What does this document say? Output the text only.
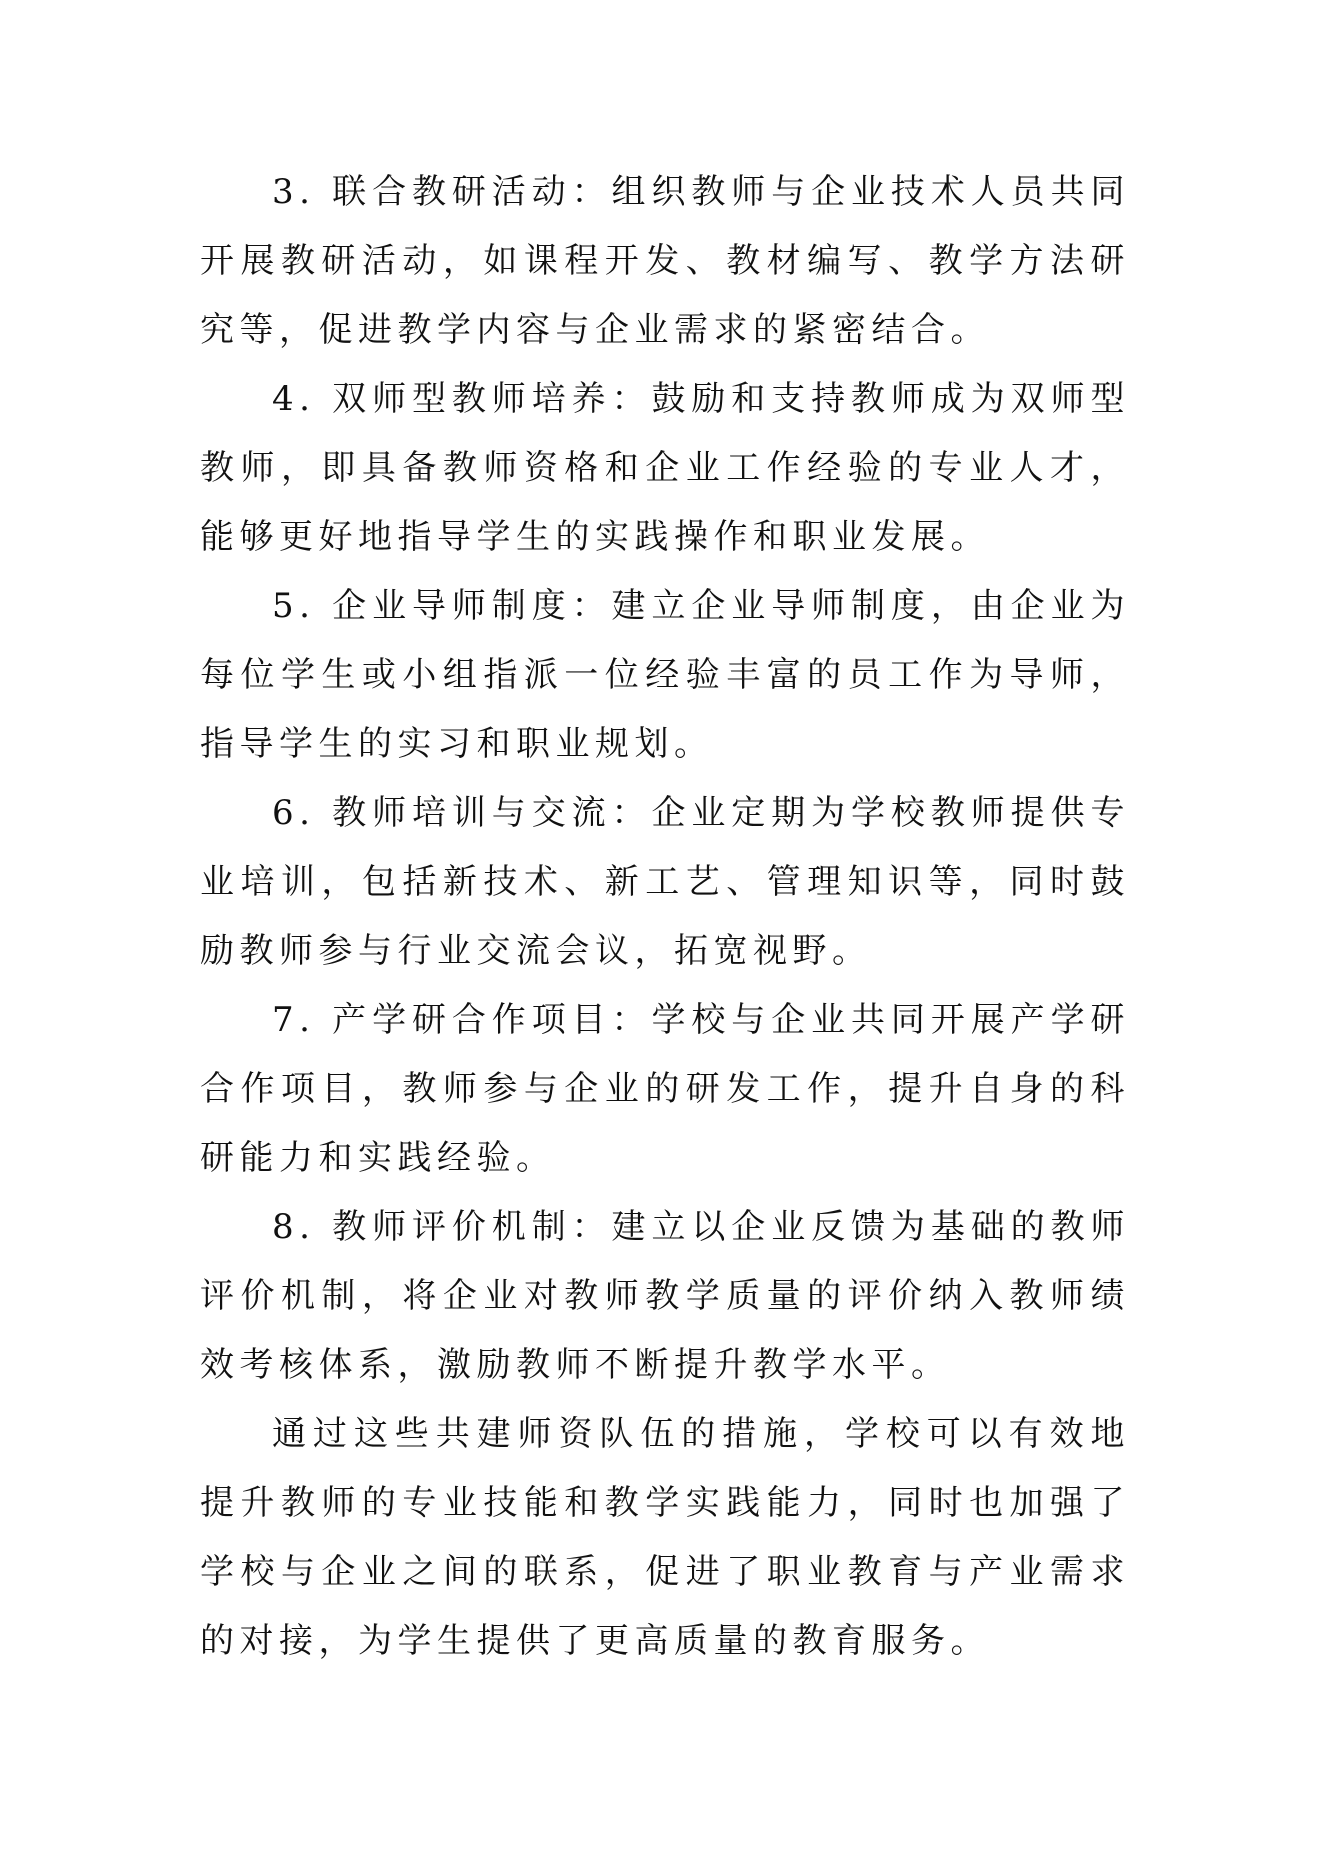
3. 联合教研活动：组织教师与企业技术人员共同开展教研活动，如课程开发、教材编写、教学方法研究等，促进教学内容与企业需求的紧密结合。

4. 双师型教师培养：鼓励和支持教师成为双师型教师，即具备教师资格和企业工作经验的专业人才，能够更好地指导学生的实践操作和职业发展。

5. 企业导师制度：建立企业导师制度，由企业为每位学生或小组指派一位经验丰富的员工作为导师，指导学生的实习和职业规划。

6. 教师培训与交流：企业定期为学校教师提供专业培训，包括新技术、新工艺、管理知识等，同时鼓励教师参与行业交流会议，拓宽视野。

7. 产学研合作项目：学校与企业共同开展产学研合作项目，教师参与企业的研发工作，提升自身的科研能力和实践经验。

8. 教师评价机制：建立以企业反馈为基础的教师评价机制，将企业对教师教学质量的评价纳入教师绩效考核体系，激励教师不断提升教学水平。

通过这些共建师资队伍的措施，学校可以有效地提升教师的专业技能和教学实践能力，同时也加强了学校与企业之间的联系，促进了职业教育与产业需求的对接，为学生提供了更高质量的教育服务。
